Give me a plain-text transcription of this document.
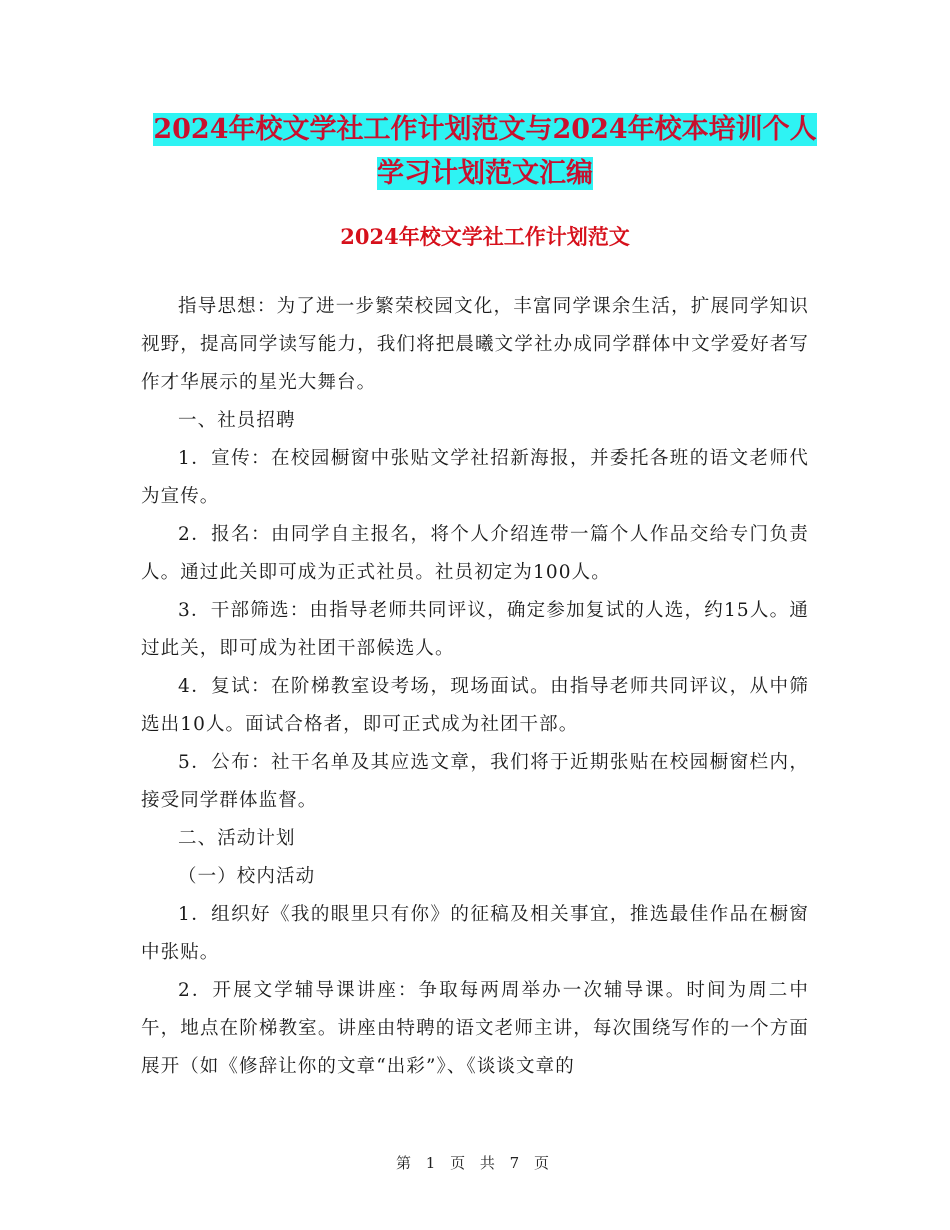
2024年校文学社工作计划范文与2024年校本培训个人
学习计划范文汇编
2024年校文学社工作计划范文

指导思想：为了进一步繁荣校园文化，丰富同学课余生活，扩展同学知识视野，提高同学读写能力，我们将把晨曦文学社办成同学群体中文学爱好者写作才华展示的星光大舞台。

一、社员招聘

1．宣传：在校园橱窗中张贴文学社招新海报，并委托各班的语文老师代为宣传。

2．报名：由同学自主报名，将个人介绍连带一篇个人作品交给专门负责人。通过此关即可成为正式社员。社员初定为100人。

3．干部筛选：由指导老师共同评议，确定参加复试的人选，约15人。通过此关，即可成为社团干部候选人。

4．复试：在阶梯教室设考场，现场面试。由指导老师共同评议，从中筛选出10人。面试合格者，即可正式成为社团干部。

5．公布：社干名单及其应选文章，我们将于近期张贴在校园橱窗栏内，接受同学群体监督。

二、活动计划

（一）校内活动

1．组织好《我的眼里只有你》的征稿及相关事宜，推选最佳作品在橱窗中张贴。

2．开展文学辅导课讲座：争取每两周举办一次辅导课。时间为周二中午，地点在阶梯教室。讲座由特聘的语文老师主讲，每次围绕写作的一个方面展开（如《修辞让你的文章“出彩”》、《谈谈文章的

第 1 页 共 7 页
